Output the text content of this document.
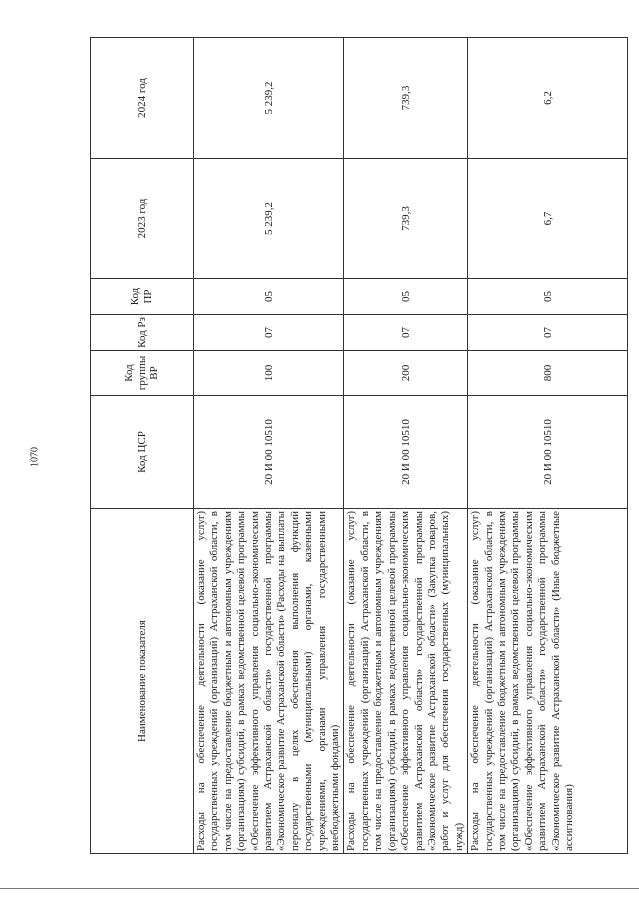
1070
Наименование показателя	Код ЦСР	Код группы ВР	Код Рз	Код ПР	2023 год	2024 год
Расходы на обеспечение деятельности (оказание услуг) государственных учреждений (организаций) Астраханской области, в том числе на предоставление бюджетным и автономным учреждениям (организациям) субсидий, в рамках ведомственной целевой программы «Обеспечение эффективного управления социально-экономическим развитием Астраханской области» государственной программы «Экономическое развитие Астраханской области» (Расходы на выплаты персоналу в целях обеспечения выполнения функций государственными (муниципальными) органами, казенными учреждениями, органами управления государственными внебюджетными фондами)	20 И 00 10510	100	07	05	5 239,2	5 239,2
Расходы на обеспечение деятельности (оказание услуг) государственных учреждений (организаций) Астраханской области, в том числе на предоставление бюджетным и автономным учреждениям (организациям) субсидий, в рамках ведомственной целевой программы «Обеспечение эффективного управления социально-экономическим развитием Астраханской области» государственной программы «Экономическое развитие Астраханской области» (Закупка товаров, работ и услуг для обеспечения государственных (муниципальных) нужд)	20 И 00 10510	200	07	05	739,3	739,3
Расходы на обеспечение деятельности (оказание услуг) государственных учреждений (организаций) Астраханской области, в том числе на предоставление бюджетным и автономным учреждениям (организациям) субсидий, в рамках ведомственной целевой программы «Обеспечение эффективного управления социально-экономическим развитием Астраханской области» государственной программы «Экономическое развитие Астраханской области» (Иные бюджетные ассигнования)	20 И 00 10510	800	07	05	6,7	6,2
